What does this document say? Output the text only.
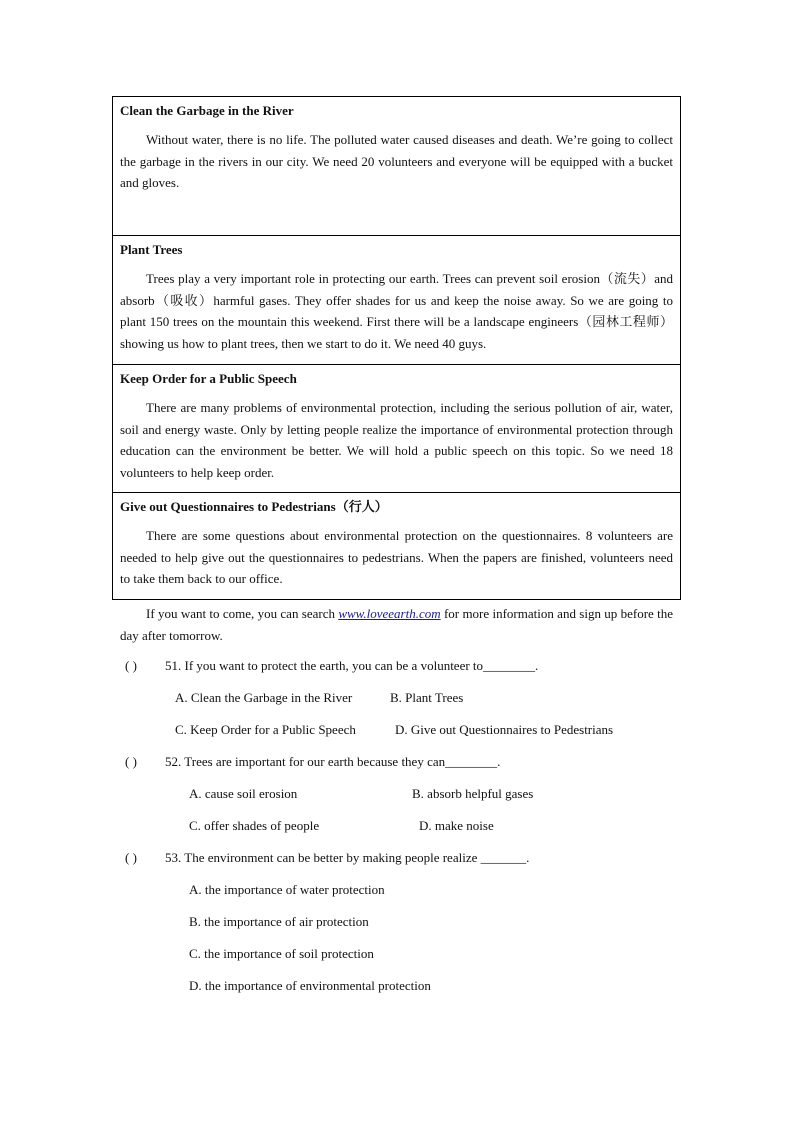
Clean the Garbage in the River
Without water, there is no life. The polluted water caused diseases and death. We’re going to collect the garbage in the rivers in our city. We need 20 volunteers and everyone will be equipped with a bucket and gloves.

Plant Trees
Trees play a very important role in protecting our earth. Trees can prevent soil erosion（流失）and absorb（吸收）harmful gases. They offer shades for us and keep the noise away. So we are going to plant 150 trees on the mountain this weekend. First there will be a landscape engineers（园林工程师）showing us how to plant trees, then we start to do it. We need 40 guys.

Keep Order for a Public Speech
There are many problems of environmental protection, including the serious pollution of air, water, soil and energy waste. Only by letting people realize the importance of environmental protection through education can the environment be better. We will hold a public speech on this topic. So we need 18 volunteers to help keep order.

Give out Questionnaires to Pedestrians（行人）
There are some questions about environmental protection on the questionnaires. 8 volunteers are needed to help give out the questionnaires to pedestrians. When the papers are finished, volunteers need to take them back to our office.
If you want to come, you can search www.loveearth.com for more information and sign up before the day after tomorrow.
( ) 51. If you want to protect the earth, you can be a volunteer to________.
A. Clean the Garbage in the River	B. Plant Trees
C. Keep Order for a Public Speech	D. Give out Questionnaires to Pedestrians
( ) 52. Trees are important for our earth because they can________.
A. cause soil erosion	B. absorb helpful gases
C. offer shades of people	D. make noise
( ) 53. The environment can be better by making people realize _______.
A. the importance of water protection
B. the importance of air protection
C. the importance of soil protection
D. the importance of environmental protection
